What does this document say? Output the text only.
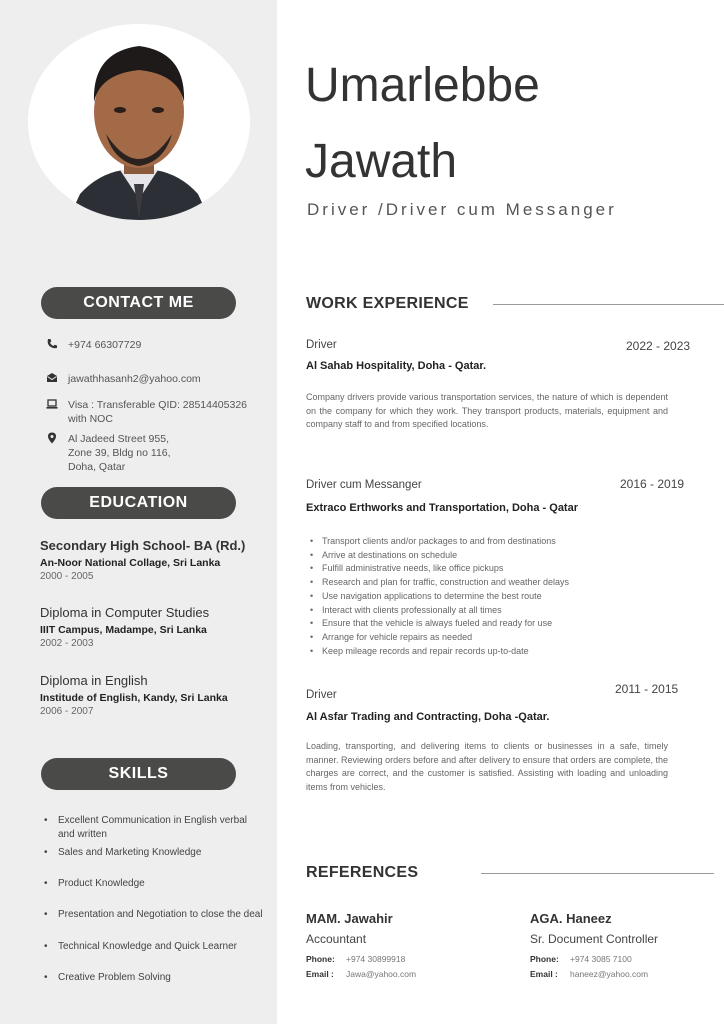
CONTACT ME
+974 66307729
jawathhasanh2@yahoo.com
Visa : Transferable QID: 28514405326
with NOC
Al Jadeed Street 955,
Zone 39, Bldg no 116,
Doha, Qatar
EDUCATION
Secondary High School- BA (Rd.)
An-Noor National Collage, Sri Lanka
2000 - 2005
Diploma in Computer Studies
IIIT Campus, Madampe, Sri Lanka
2002 - 2003
Diploma in English
Institude of English, Kandy, Sri Lanka
2006 - 2007
SKILLS
• Excellent Communication in English verbal and written
• Sales and Marketing Knowledge
• Product Knowledge
• Presentation and Negotiation to close the deal
• Technical Knowledge and Quick Learner
• Creative Problem Solving
Umarlebbe
Jawath
Driver /Driver cum Messanger
WORK EXPERIENCE
Driver	2022 - 2023
Al Sahab Hospitality, Doha - Qatar.
Company drivers provide various transportation services, the nature of which is dependent on the company for which they work. They transport products, materials, equipment and company staff to and from specified locations.
Driver cum Messanger	2016 - 2019
Extraco Erthworks and Transportation, Doha - Qatar
• Transport clients and/or packages to and from destinations
• Arrive at destinations on schedule
• Fulfill administrative needs, like office pickups
• Research and plan for traffic, construction and weather delays
• Use navigation applications to determine the best route
• Interact with clients professionally at all times
• Ensure that the vehicle is always fueled and ready for use
• Arrange for vehicle repairs as needed
• Keep mileage records and repair records up-to-date
Driver	2011 - 2015
Al Asfar Trading and Contracting, Doha -Qatar.
Loading, transporting, and delivering items to clients or businesses in a safe, timely manner. Reviewing orders before and after delivery to ensure that orders are complete, the charges are correct, and the customer is satisfied. Assisting with loading and unloading items from vehicles.
REFERENCES
MAM. Jawahir
Accountant
Phone: +974 30899918
Email : Jawa@yahoo.com
AGA. Haneez
Sr. Document Controller
Phone: +974 3085 7100
Email : haneez@yahoo.com
